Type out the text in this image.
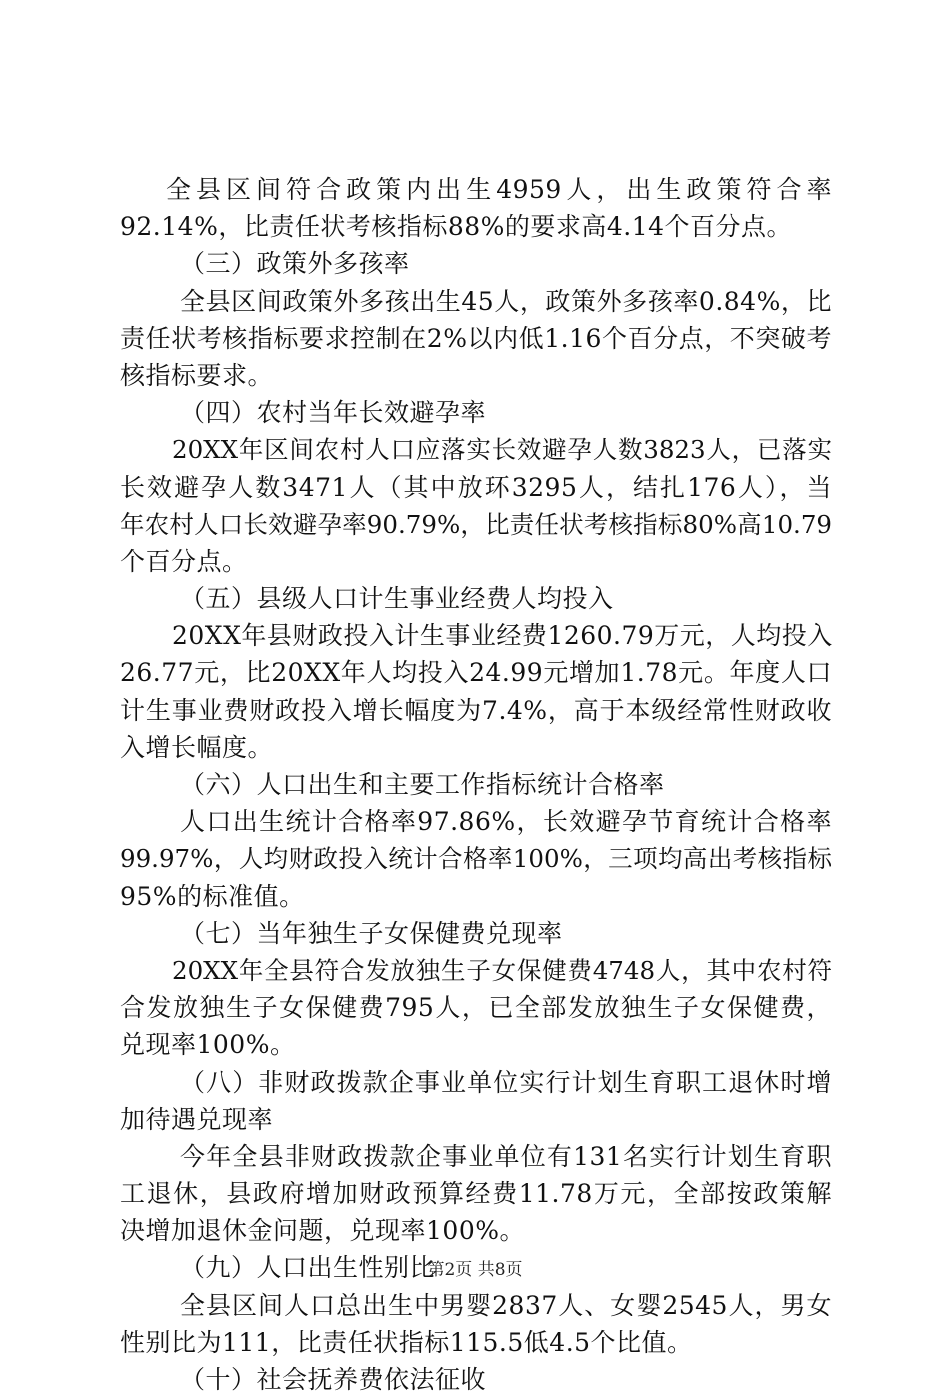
全县区间符合政策内出生4959人，出生政策符合率
92.14%，比责任状考核指标88%的要求高4.14个百分点。
（三）政策外多孩率
全县区间政策外多孩出生45人，政策外多孩率0.84%，比
责任状考核指标要求控制在2%以内低1.16个百分点，不突破考
核指标要求。
（四）农村当年长效避孕率
20XX年区间农村人口应落实长效避孕人数3823人，已落实
长效避孕人数3471人（其中放环3295人，结扎176人），当
年农村人口长效避孕率90.79%，比责任状考核指标80%高10.79
个百分点。
（五）县级人口计生事业经费人均投入
20XX年县财政投入计生事业经费1260.79万元，人均投入
26.77元，比20XX年人均投入24.99元增加1.78元。年度人口
计生事业费财政投入增长幅度为7.4%，高于本级经常性财政收
入增长幅度。
（六）人口出生和主要工作指标统计合格率
人口出生统计合格率97.86%，长效避孕节育统计合格率
99.97%，人均财政投入统计合格率100%，三项均高出考核指标
95%的标准值。
（七）当年独生子女保健费兑现率
20XX年全县符合发放独生子女保健费4748人，其中农村符
合发放独生子女保健费795人，已全部发放独生子女保健费，
兑现率100%。
（八）非财政拨款企事业单位实行计划生育职工退休时增
加待遇兑现率
今年全县非财政拨款企事业单位有131名实行计划生育职
工退休，县政府增加财政预算经费11.78万元，全部按政策解
决增加退休金问题，兑现率100%。
（九）人口出生性别比
全县区间人口总出生中男婴2837人、女婴2545人，男女
性别比为111，比责任状指标115.5低4.5个比值。
（十）社会抚养费依法征收
第2页 共8页
